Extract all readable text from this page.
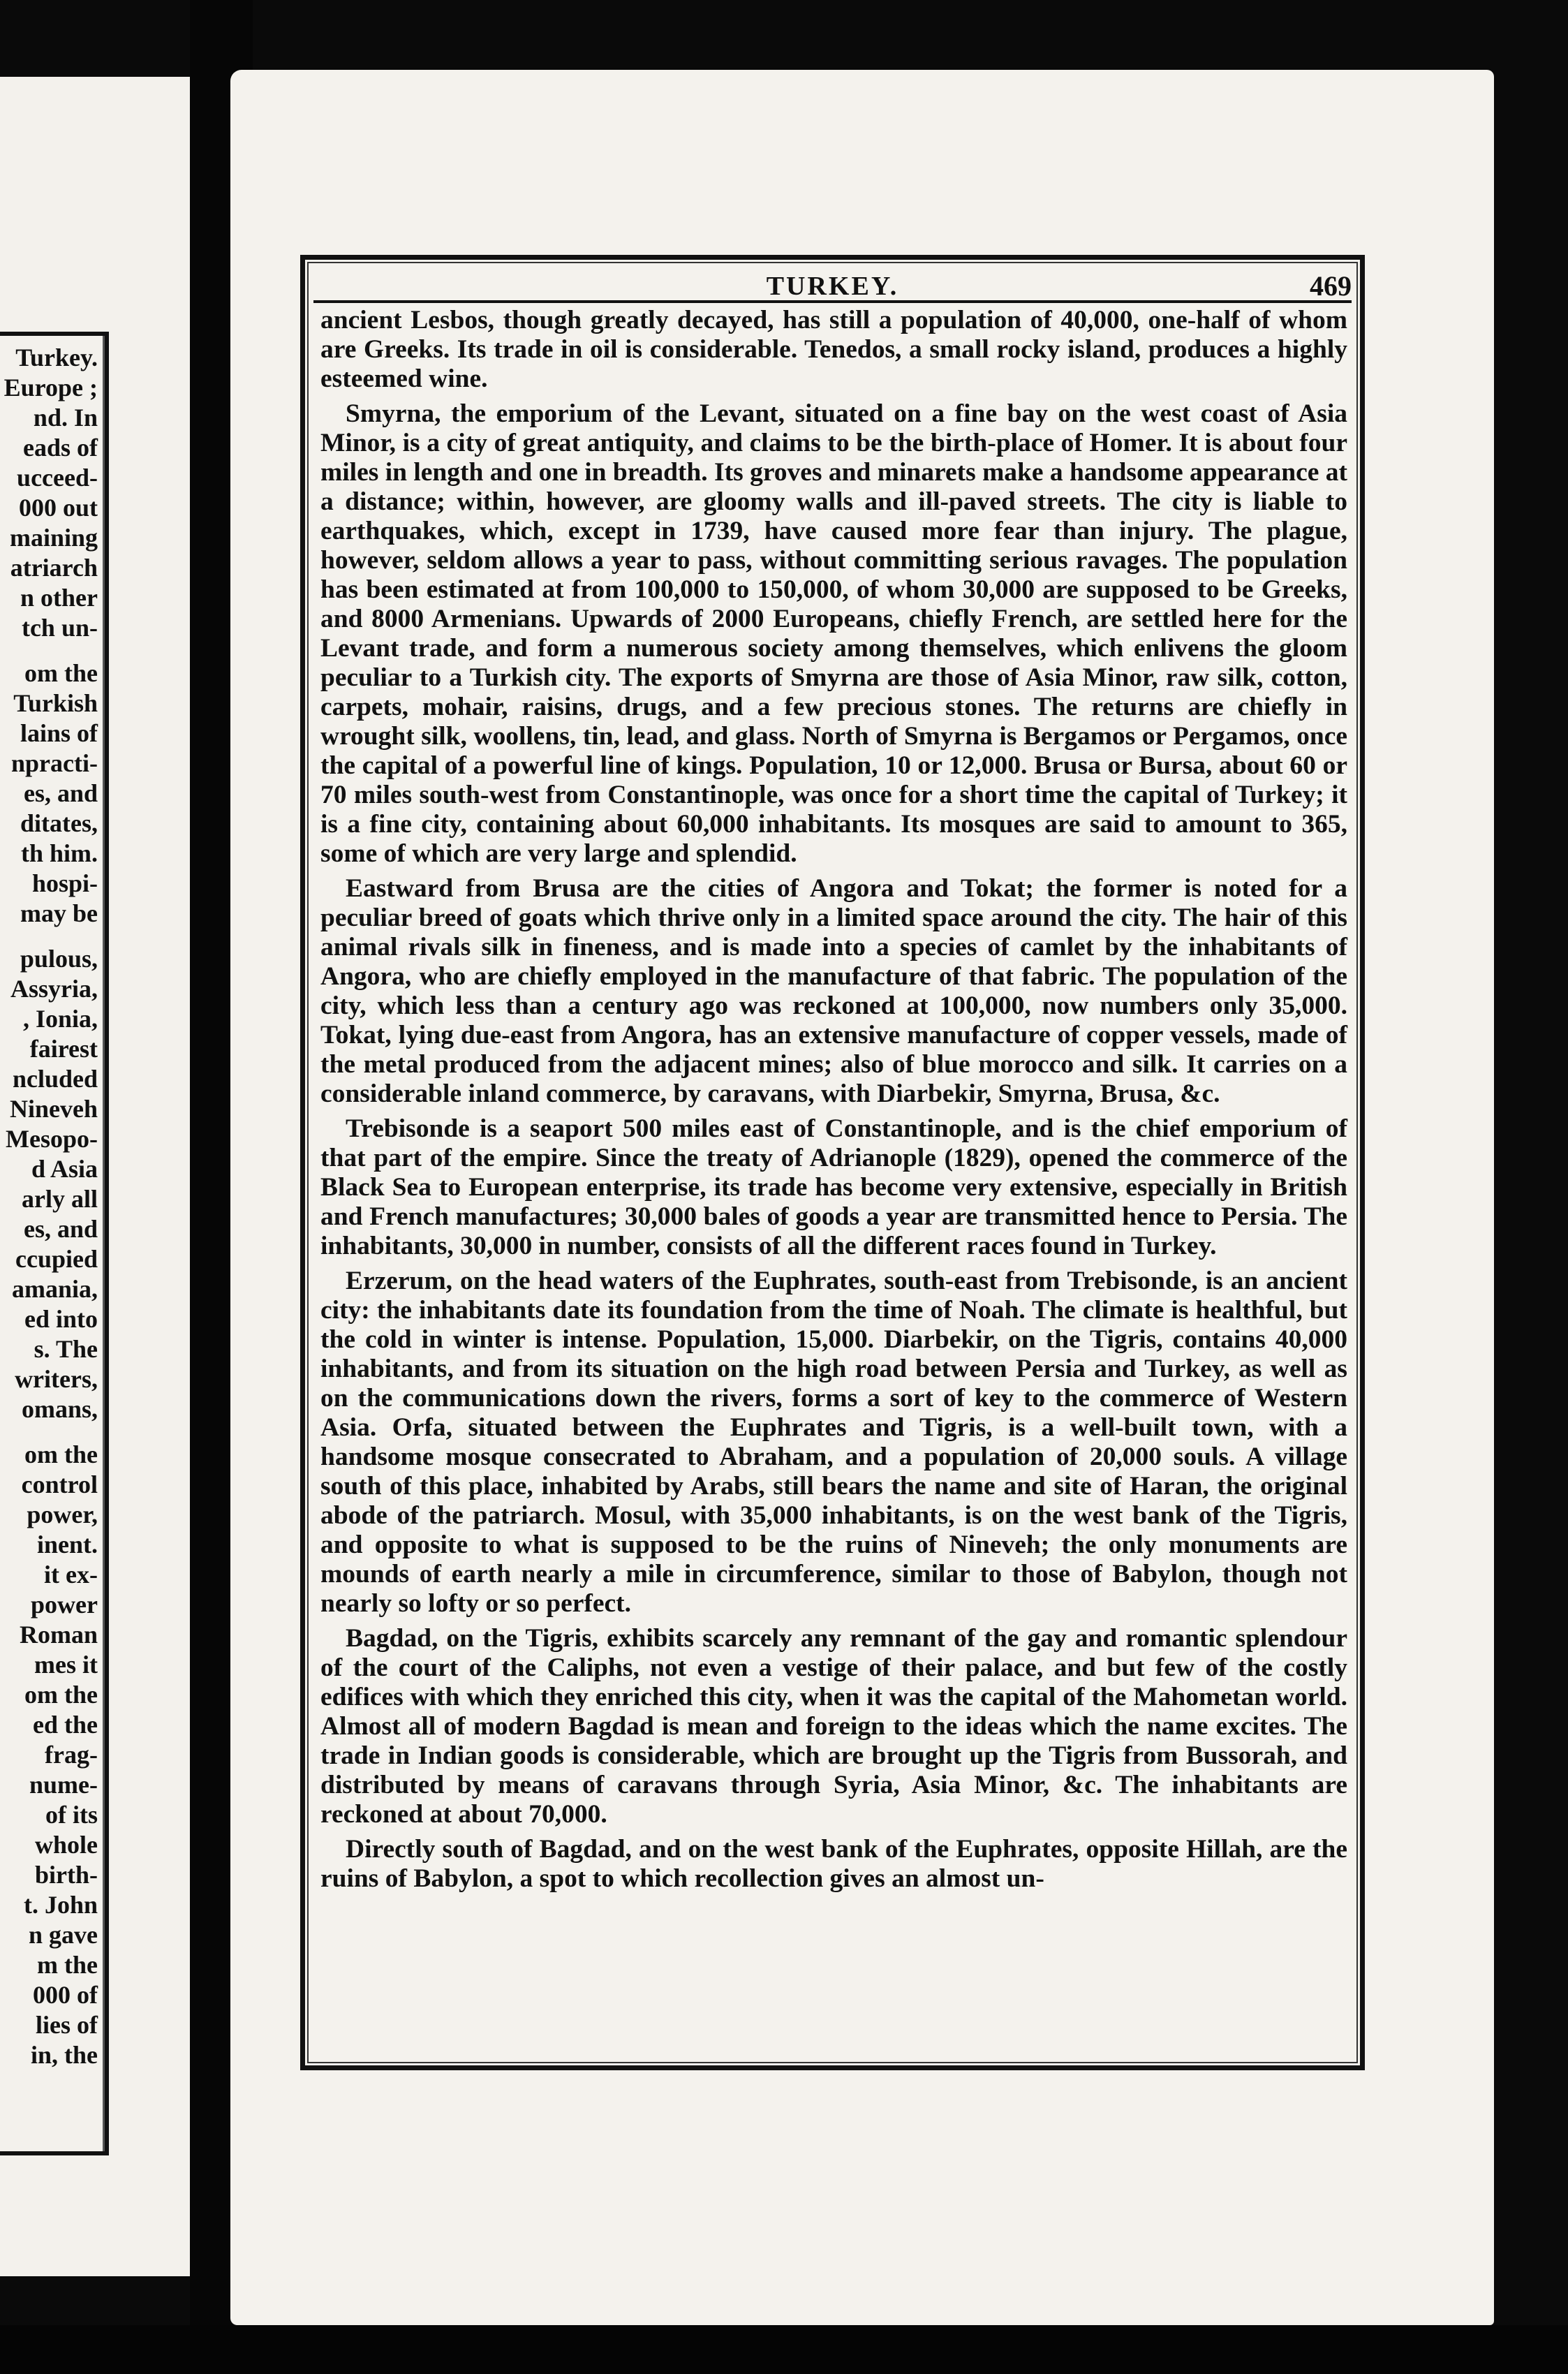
Turkey.
Europe ;
nd. In
eads of
ucceed-
000 out
maining
atriarch
n other
tch un-
om the
Turkish
lains of
npracti-
es, and
ditates,
th him.
hospi-
may be
pulous,
Assyria,
, Ionia,
fairest
ncluded
Nineveh
Mesopo-
d Asia
arly all
es, and
ccupied
amania,
ed into
s. The
writers,
omans,
om the
control
power,
inent.
it ex-
power
Roman
mes it
om the
ed the
frag-
nume-
of its
whole
birth-
t. John
n gave
m the
000 of
lies of
in, the
TURKEY.	469

ancient Lesbos, though greatly decayed, has still a population of 40,000, one-half of whom are Greeks. Its trade in oil is considerable. Tenedos, a small rocky island, produces a highly esteemed wine.

Smyrna, the emporium of the Levant, situated on a fine bay on the west coast of Asia Minor, is a city of great antiquity, and claims to be the birth-place of Homer. It is about four miles in length and one in breadth. Its groves and minarets make a handsome appearance at a distance; within, however, are gloomy walls and ill-paved streets. The city is liable to earthquakes, which, except in 1739, have caused more fear than injury. The plague, however, seldom allows a year to pass, without committing serious ravages. The population has been estimated at from 100,000 to 150,000, of whom 30,000 are supposed to be Greeks, and 8000 Armenians. Upwards of 2000 Europeans, chiefly French, are settled here for the Levant trade, and form a numerous society among themselves, which enlivens the gloom peculiar to a Turkish city. The exports of Smyrna are those of Asia Minor, raw silk, cotton, carpets, mohair, raisins, drugs, and a few precious stones. The returns are chiefly in wrought silk, woollens, tin, lead, and glass. North of Smyrna is Bergamos or Pergamos, once the capital of a powerful line of kings. Population, 10 or 12,000. Brusa or Bursa, about 60 or 70 miles south-west from Constantinople, was once for a short time the capital of Turkey; it is a fine city, containing about 60,000 inhabitants. Its mosques are said to amount to 365, some of which are very large and splendid.

Eastward from Brusa are the cities of Angora and Tokat; the former is noted for a peculiar breed of goats which thrive only in a limited space around the city. The hair of this animal rivals silk in fineness, and is made into a species of camlet by the inhabitants of Angora, who are chiefly employed in the manufacture of that fabric. The population of the city, which less than a century ago was reckoned at 100,000, now numbers only 35,000. Tokat, lying due-east from Angora, has an extensive manufacture of copper vessels, made of the metal produced from the adjacent mines; also of blue morocco and silk. It carries on a considerable inland commerce, by caravans, with Diarbekir, Smyrna, Brusa, &c.

Trebisonde is a seaport 500 miles east of Constantinople, and is the chief emporium of that part of the empire. Since the treaty of Adrianople (1829), opened the commerce of the Black Sea to European enterprise, its trade has become very extensive, especially in British and French manufactures; 30,000 bales of goods a year are transmitted hence to Persia. The inhabitants, 30,000 in number, consists of all the different races found in Turkey.

Erzerum, on the head waters of the Euphrates, south-east from Trebisonde, is an ancient city: the inhabitants date its foundation from the time of Noah. The climate is healthful, but the cold in winter is intense. Population, 15,000. Diarbekir, on the Tigris, contains 40,000 inhabitants, and from its situation on the high road between Persia and Turkey, as well as on the communications down the rivers, forms a sort of key to the commerce of Western Asia. Orfa, situated between the Euphrates and Tigris, is a well-built town, with a handsome mosque consecrated to Abraham, and a population of 20,000 souls. A village south of this place, inhabited by Arabs, still bears the name and site of Haran, the original abode of the patriarch. Mosul, with 35,000 inhabitants, is on the west bank of the Tigris, and opposite to what is supposed to be the ruins of Nineveh; the only monuments are mounds of earth nearly a mile in circumference, similar to those of Babylon, though not nearly so lofty or so perfect.

Bagdad, on the Tigris, exhibits scarcely any remnant of the gay and romantic splendour of the court of the Caliphs, not even a vestige of their palace, and but few of the costly edifices with which they enriched this city, when it was the capital of the Mahometan world. Almost all of modern Bagdad is mean and foreign to the ideas which the name excites. The trade in Indian goods is considerable, which are brought up the Tigris from Bussorah, and distributed by means of caravans through Syria, Asia Minor, &c. The inhabitants are reckoned at about 70,000.

Directly south of Bagdad, and on the west bank of the Euphrates, opposite Hillah, are the ruins of Babylon, a spot to which recollection gives an almost un-
